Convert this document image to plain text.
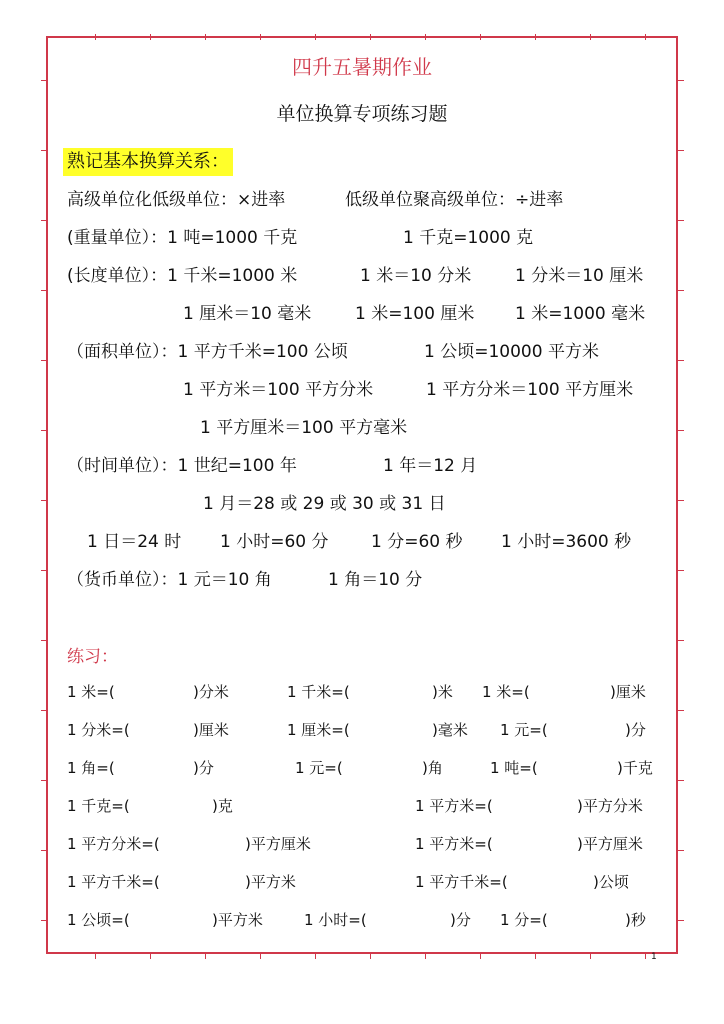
四升五暑期作业
单位换算专项练习题
熟记基本换算关系：
高级单位化低级单位：×进率	低级单位聚高级单位：÷进率
(重量单位）：1 吨=1000 千克	1 千克=1000 克
(长度单位）：1 千米=1000 米	1 米＝10 分米	1 分米＝10 厘米
1 厘米＝10 毫米	1 米=100 厘米 1 米=1000 毫米
（面积单位）：1 平方千米=100 公顷	1 公顷=10000 平方米
1 平方米＝100 平方分米	1 平方分米＝100 平方厘米
1 平方厘米＝100 平方毫米
（时间单位）：1 世纪=100 年	1 年＝12 月
1 月＝28 或 29 或 30 或 31 日
1 日＝24 时 1 小时=60 分	1 分=60 秒 1 小时=3600 秒
（货币单位）：1 元＝10 角	1 角＝10 分
练习：
1 米=(	)分米	1 千米=(	)米 1 米=(	)厘米
1 分米=(	)厘米	1 厘米=(	)毫米 1 元=(	)分
1 角=(	)分	1 元=(	)角	1 吨=(	)千克
1 千克=(	)克	1 平方米=(	)平方分米
1 平方分米=(	)平方厘米	1 平方米=(	)平方厘米
1 平方千米=(	)平方米	1 平方千米=(	)公顷
1 公顷=(	)平方米	1 小时=(	)分 1 分=(	)秒
1
